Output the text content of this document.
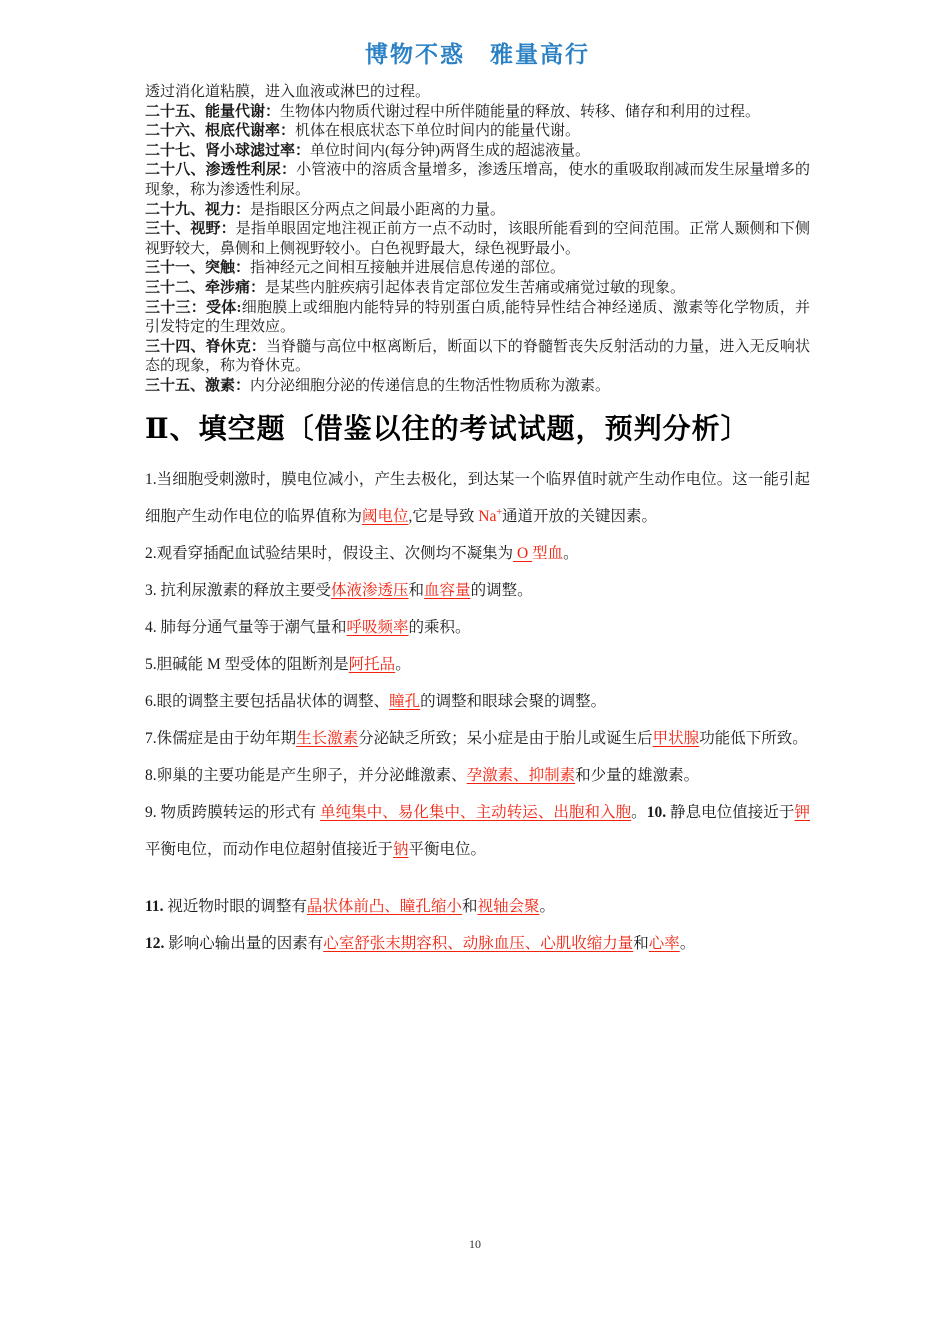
博物不惑　雅量高行

透过消化道粘膜，进入血液或淋巴的过程。

二十五、能量代谢：生物体内物质代谢过程中所伴随能量的释放、转移、储存和利用的过程。

二十六、根底代谢率：机体在根底状态下单位时间内的能量代谢。

二十七、肾小球滤过率：单位时间内(每分钟)两肾生成的超滤液量。

二十八、渗透性利尿：小管液中的溶质含量增多，渗透压增高，使水的重吸取削减而发生尿量增多的现象，称为渗透性利尿。

二十九、视力：是指眼区分两点之间最小距离的力量。

三十、视野：是指单眼固定地注视正前方一点不动时，该眼所能看到的空间范围。正常人颞侧和下侧视野较大，鼻侧和上侧视野较小。白色视野最大，绿色视野最小。

三十一、突触：指神经元之间相互接触并进展信息传递的部位。

三十二、牵涉痛：是某些内脏疾病引起体表肯定部位发生苦痛或痛觉过敏的现象。

三十三：受体:细胞膜上或细胞内能特异的特别蛋白质,能特异性结合神经递质、激素等化学物质，并引发特定的生理效应。

三十四、脊休克：当脊髓与高位中枢离断后，断面以下的脊髓暂丧失反射活动的力量，进入无反响状态的现象，称为脊休克。

三十五、激素：内分泌细胞分泌的传递信息的生物活性物质称为激素。

Ⅱ、填空题〔借鉴以往的考试试题，预判分析〕

1.当细胞受刺激时，膜电位减小，产生去极化，到达某一个临界值时就产生动作电位。这一能引起细胞产生动作电位的临界值称为阈电位,它是导致 Na+通道开放的关键因素。

2.观看穿插配血试验结果时，假设主、次侧均不凝集为 O 型血。

3. 抗利尿激素的释放主要受体液渗透压和血容量的调整。

4. 肺每分通气量等于潮气量和呼吸频率的乘积。

5.胆碱能 M 型受体的阻断剂是阿托品。

6.眼的调整主要包括晶状体的调整、瞳孔的调整和眼球会聚的调整。

7.侏儒症是由于幼年期生长激素分泌缺乏所致；呆小症是由于胎儿或诞生后甲状腺功能低下所致。

8.卵巢的主要功能是产生卵子，并分泌雌激素、孕激素、抑制素和少量的雄激素。

9. 物质跨膜转运的形式有 单纯集中、易化集中、主动转运、出胞和入胞。10. 静息电位值接近于钾平衡电位，而动作电位超射值接近于钠平衡电位。

11. 视近物时眼的调整有晶状体前凸、瞳孔缩小和视轴会聚。

12. 影响心输出量的因素有心室舒张末期容积、动脉血压、心肌收缩力量和心率。

10
